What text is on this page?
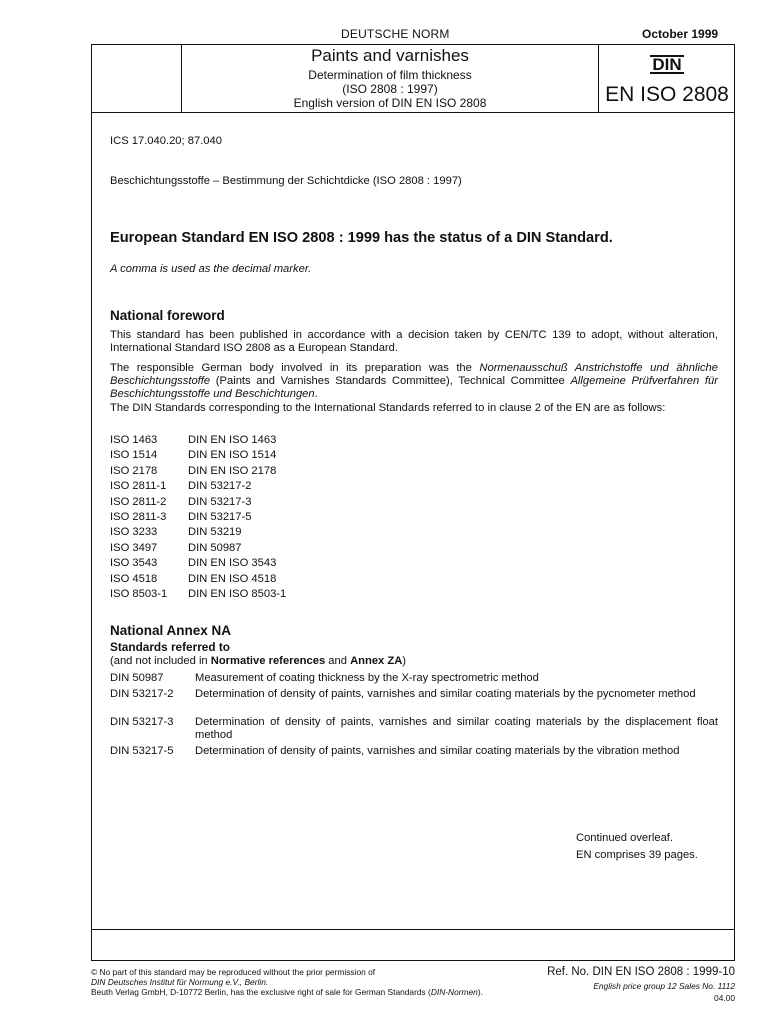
DEUTSCHE NORM	October 1999
Paints and varnishes
Determination of film thickness
(ISO 2808 : 1997)
English version of DIN EN ISO 2808
DIN
EN ISO 2808
ICS 17.040.20; 87.040
Beschichtungsstoffe – Bestimmung der Schichtdicke (ISO 2808 : 1997)
European Standard EN ISO 2808 : 1999 has the status of a DIN Standard.
A comma is used as the decimal marker.
National foreword
This standard has been published in accordance with a decision taken by CEN/TC 139 to adopt, without alteration, International Standard ISO 2808 as a European Standard.
The responsible German body involved in its preparation was the Normenausschuß Anstrichstoffe und ähnliche Beschichtungsstoffe (Paints and Varnishes Standards Committee), Technical Committee Allgemeine Prüfverfahren für Beschichtungsstoffe und Beschichtungen.
The DIN Standards corresponding to the International Standards referred to in clause 2 of the EN are as follows:
ISO 1463	DIN EN ISO 1463
ISO 1514	DIN EN ISO 1514
ISO 2178	DIN EN ISO 2178
ISO 2811-1 DIN 53217-2
ISO 2811-2 DIN 53217-3
ISO 2811-3 DIN 53217-5
ISO 3233	DIN 53219
ISO 3497	DIN 50987
ISO 3543	DIN EN ISO 3543
ISO 4518	DIN EN ISO 4518
ISO 8503-1 DIN EN ISO 8503-1
National Annex NA
Standards referred to
(and not included in Normative references and Annex ZA)
DIN 50987	Measurement of coating thickness by the X-ray spectrometric method
DIN 53217-2	Determination of density of paints, varnishes and similar coating materials by the pycnometer method
DIN 53217-3	Determination of density of paints, varnishes and similar coating materials by the displacement float method
DIN 53217-5	Determination of density of paints, varnishes and similar coating materials by the vibration method
Continued overleaf.
EN comprises 39 pages.
© No part of this standard may be reproduced without the prior permission of
DIN Deutsches Institut für Normung e.V., Berlin.
Beuth Verlag GmbH, D-10772 Berlin, has the exclusive right of sale for German Standards (DIN-Normen).
Ref. No. DIN EN ISO 2808 : 1999-10
English price group 12 Sales No. 1112
04.00
